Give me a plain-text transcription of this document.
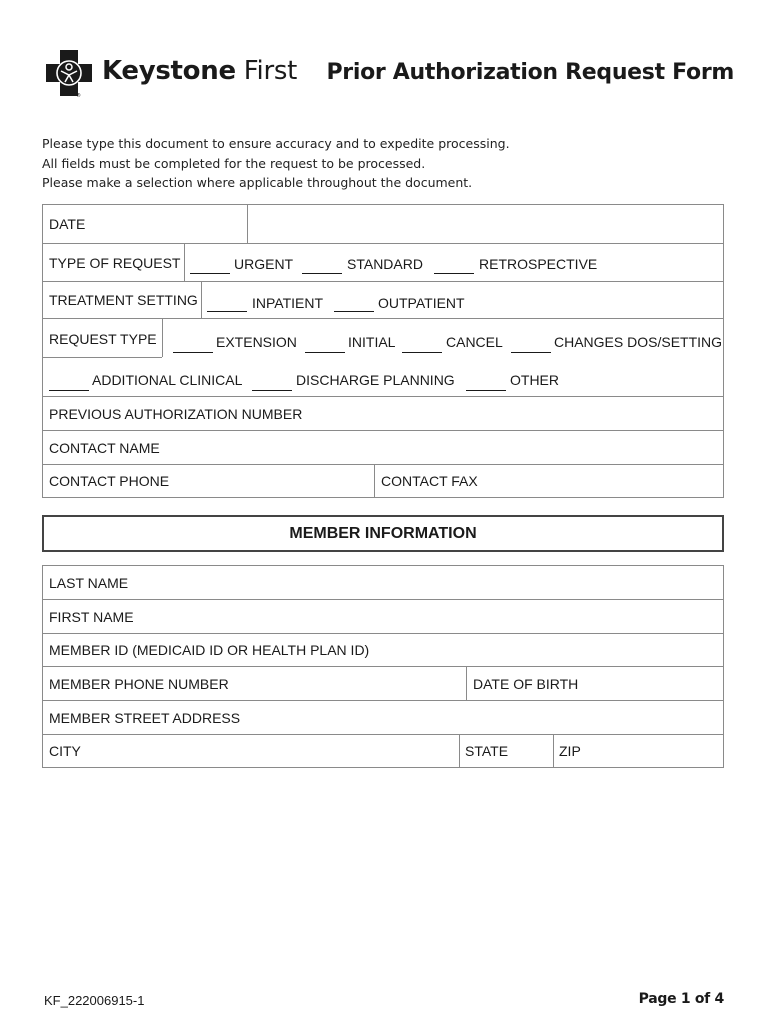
®
Keystone First Prior Authorization Request Form
Please type this document to ensure accuracy and to expedite processing.
All fields must be completed for the request to be processed.
Please make a selection where applicable throughout the document.
DATE
TYPE OF REQUEST	URGENT	STANDARD	RETROSPECTIVE
TREATMENT SETTING	INPATIENT	OUTPATIENT
REQUEST TYPE	EXTENSION	INITIAL	CANCEL	CHANGES DOS/SETTING
ADDITIONAL CLINICAL	DISCHARGE PLANNING	OTHER
PREVIOUS AUTHORIZATION NUMBER
CONTACT NAME
CONTACT PHONE	CONTACT FAX
MEMBER INFORMATION
LAST NAME
FIRST NAME
MEMBER ID (MEDICAID ID OR HEALTH PLAN ID)
MEMBER PHONE NUMBER	DATE OF BIRTH
MEMBER STREET ADDRESS
CITY	STATE	ZIP
KF_222006915-1	Page 1 of 4
